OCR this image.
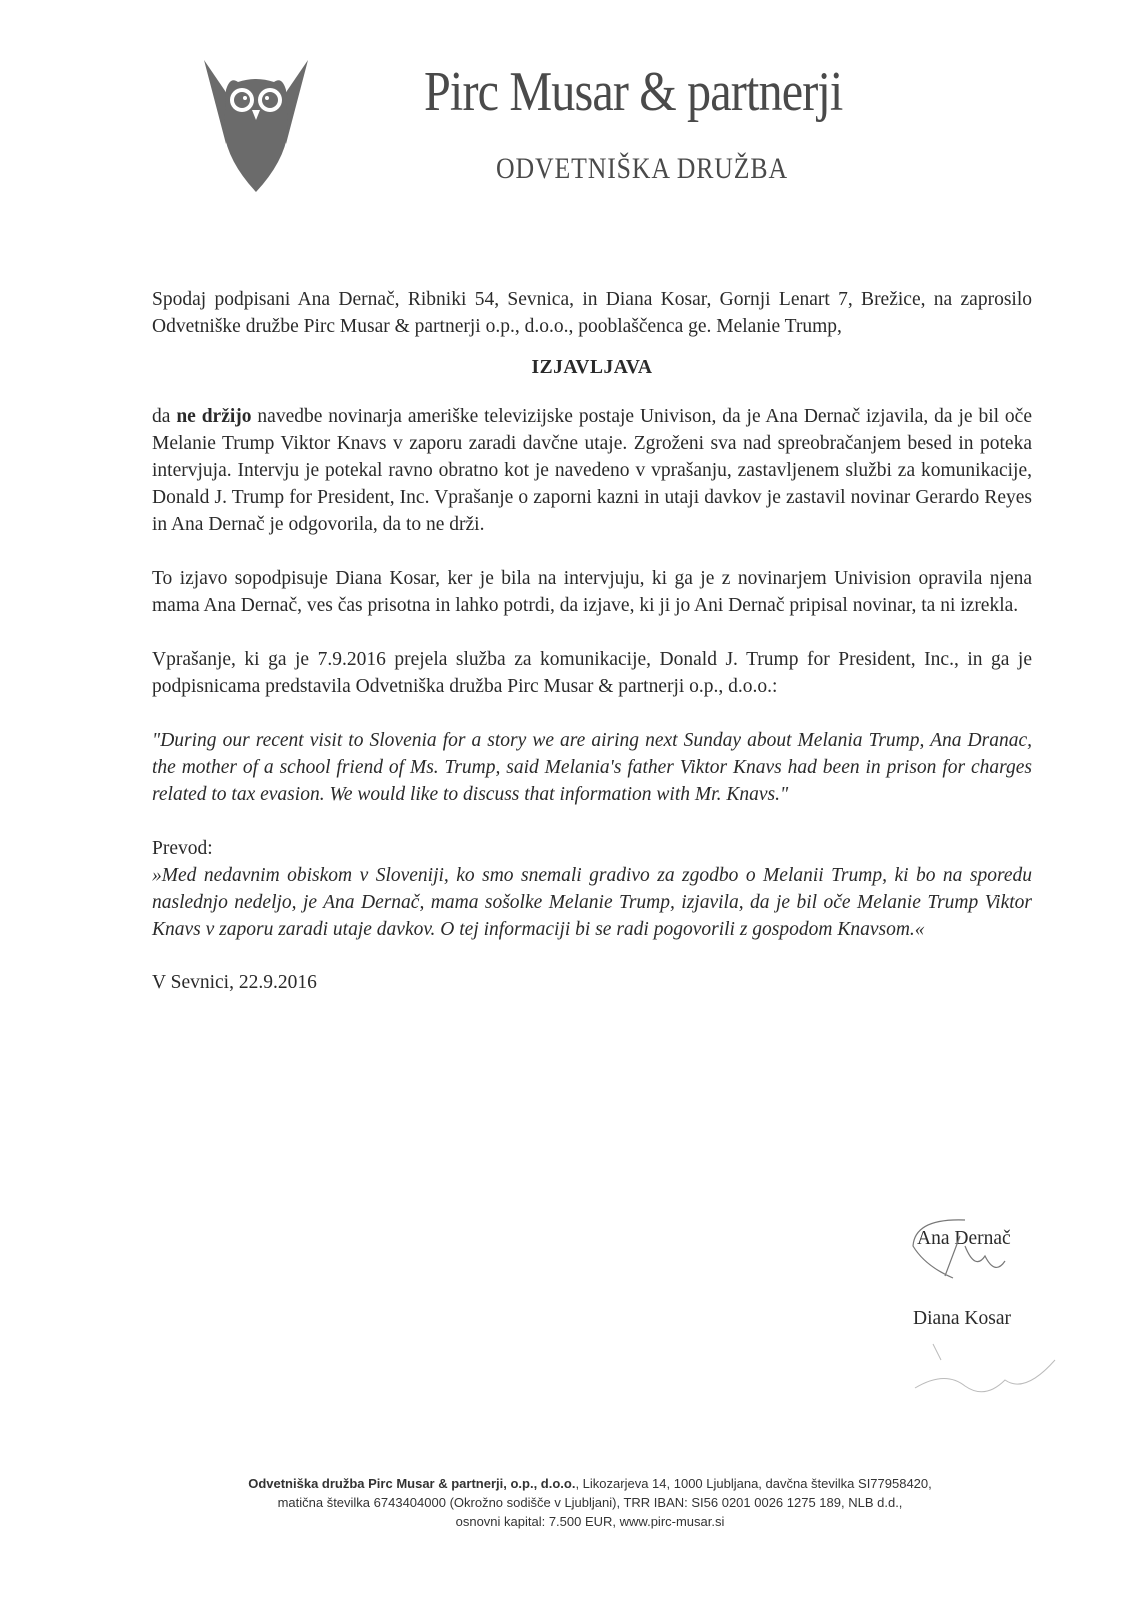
Pirc Musar & partnerji
ODVETNIŠKA DRUŽBA

Spodaj podpisani Ana Dernač, Ribniki 54, Sevnica, in Diana Kosar, Gornji Lenart 7, Brežice, na zaprosilo Odvetniške družbe Pirc Musar & partnerji o.p., d.o.o., pooblaščenca ge. Melanie Trump,

IZJAVLJAVA

da ne držijo navedbe novinarja ameriške televizijske postaje Univison, da je Ana Dernač izjavila, da je bil oče Melanie Trump Viktor Knavs v zaporu zaradi davčne utaje. Zgroženi sva nad spreobračanjem besed in poteka intervjuja. Intervju je potekal ravno obratno kot je navedeno v vprašanju, zastavljenem službi za komunikacije, Donald J. Trump for President, Inc. Vprašanje o zaporni kazni in utaji davkov je zastavil novinar Gerardo Reyes in Ana Dernač je odgovorila, da to ne drži.

To izjavo sopodpisuje Diana Kosar, ker je bila na intervjuju, ki ga je z novinarjem Univision opravila njena mama Ana Dernač, ves čas prisotna in lahko potrdi, da izjave, ki ji jo Ani Dernač pripisal novinar, ta ni izrekla.

Vprašanje, ki ga je 7.9.2016 prejela služba za komunikacije, Donald J. Trump for President, Inc., in ga je podpisnicama predstavila Odvetniška družba Pirc Musar & partnerji o.p., d.o.o.:

"During our recent visit to Slovenia for a story we are airing next Sunday about Melania Trump, Ana Dranac, the mother of a school friend of Ms. Trump, said Melania's father Viktor Knavs had been in prison for charges related to tax evasion. We would like to discuss that information with Mr. Knavs."

Prevod:

»Med nedavnim obiskom v Sloveniji, ko smo snemali gradivo za zgodbo o Melanii Trump, ki bo na sporedu naslednjo nedeljo, je Ana Dernač, mama sošolke Melanie Trump, izjavila, da je bil oče Melanie Trump Viktor Knavs v zaporu zaradi utaje davkov. O tej informaciji bi se radi pogovorili z gospodom Knavsom.«

V Sevnici, 22.9.2016

Ana Dernač
Diana Kosar
Odvetniška družba Pirc Musar & partnerji, o.p., d.o.o., Likozarjeva 14, 1000 Ljubljana, davčna številka SI77958420,
matična številka 6743404000 (Okrožno sodišče v Ljubljani), TRR IBAN: SI56 0201 0026 1275 189, NLB d.d.,
osnovni kapital: 7.500 EUR, www.pirc-musar.si
